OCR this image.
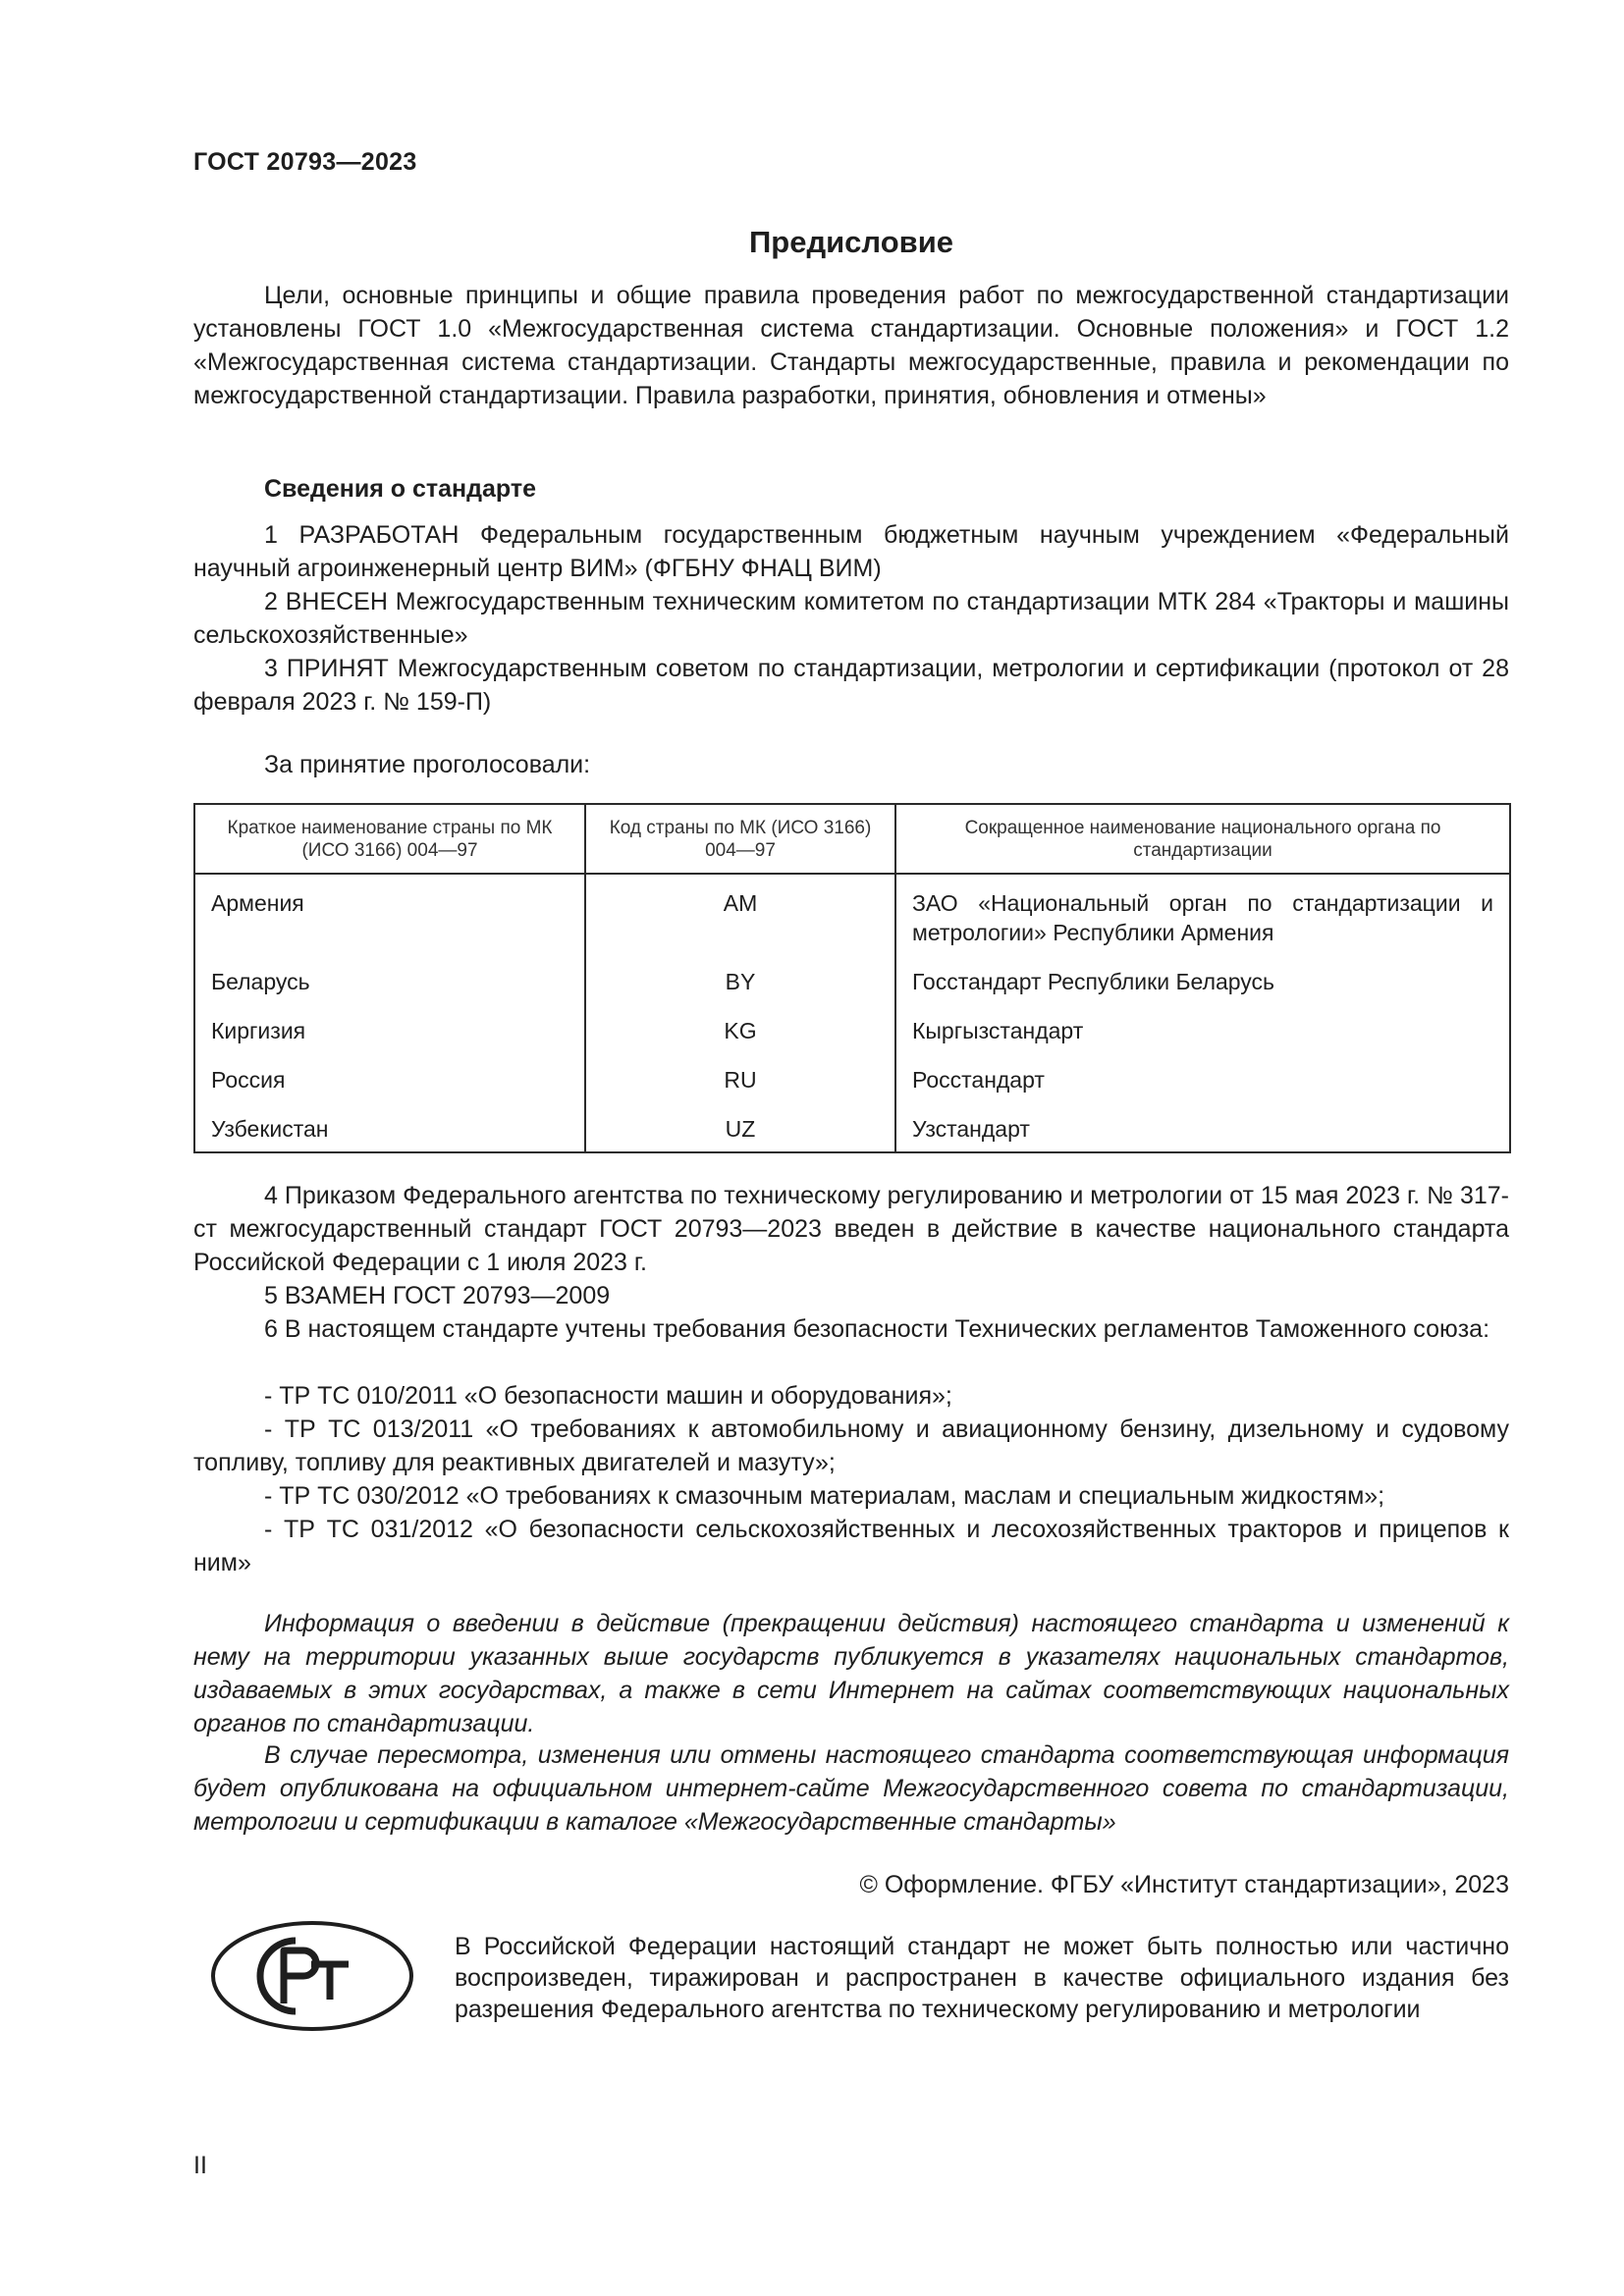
ГОСТ 20793—2023
Предисловие

Цели, основные принципы и общие правила проведения работ по межгосударственной стандартизации установлены ГОСТ 1.0 «Межгосударственная система стандартизации. Основные положения» и ГОСТ 1.2 «Межгосударственная система стандартизации. Стандарты межгосударственные, правила и рекомендации по межгосударственной стандартизации. Правила разработки, принятия, обновления и отмены»

Сведения о стандарте

1 РАЗРАБОТАН Федеральным государственным бюджетным научным учреждением «Федеральный научный агроинженерный центр ВИМ» (ФГБНУ ФНАЦ ВИМ)

2 ВНЕСЕН Межгосударственным техническим комитетом по стандартизации МТК 284 «Тракторы и машины сельскохозяйственные»

3 ПРИНЯТ Межгосударственным советом по стандартизации, метрологии и сертификации (протокол от 28 февраля 2023 г. № 159-П)

За принятие проголосовали:
Краткое наименование страны по МК (ИСО 3166) 004—97	Код страны по МК (ИСО 3166) 004—97	Сокращенное наименование национального органа по стандартизации
Армения	AM	ЗАО «Национальный орган по стандартизации и метрологии» Республики Армения
Беларусь	BY	Госстандарт Республики Беларусь
Киргизия	KG	Кыргызстандарт
Россия	RU	Росстандарт
Узбекистан	UZ	Узстандарт

4 Приказом Федерального агентства по техническому регулированию и метрологии от 15 мая 2023 г. № 317-ст межгосударственный стандарт ГОСТ 20793—2023 введен в действие в качестве национального стандарта Российской Федерации с 1 июля 2023 г.

5 ВЗАМЕН ГОСТ 20793—2009

6 В настоящем стандарте учтены требования безопасности Технических регламентов Таможенного союза:

- ТР ТС 010/2011 «О безопасности машин и оборудования»;

- ТР ТС 013/2011 «О требованиях к автомобильному и авиационному бензину, дизельному и судовому топливу, топливу для реактивных двигателей и мазуту»;

- ТР ТС 030/2012 «О требованиях к смазочным материалам, маслам и специальным жидкостям»;

- ТР ТС 031/2012 «О безопасности сельскохозяйственных и лесохозяйственных тракторов и прицепов к ним»

Информация о введении в действие (прекращении действия) настоящего стандарта и изменений к нему на территории указанных выше государств публикуется в указателях национальных стандартов, издаваемых в этих государствах, а также в сети Интернет на сайтах соответствующих национальных органов по стандартизации.

В случае пересмотра, изменения или отмены настоящего стандарта соответствующая информация будет опубликована на официальном интернет-сайте Межгосударственного совета по стандартизации, метрологии и сертификации в каталоге «Межгосударственные стандарты»

© Оформление. ФГБУ «Институт стандартизации», 2023

В Российской Федерации настоящий стандарт не может быть полностью или частично воспроизведен, тиражирован и распространен в качестве официального издания без разрешения Федерального агентства по техническому регулированию и метрологии

II
